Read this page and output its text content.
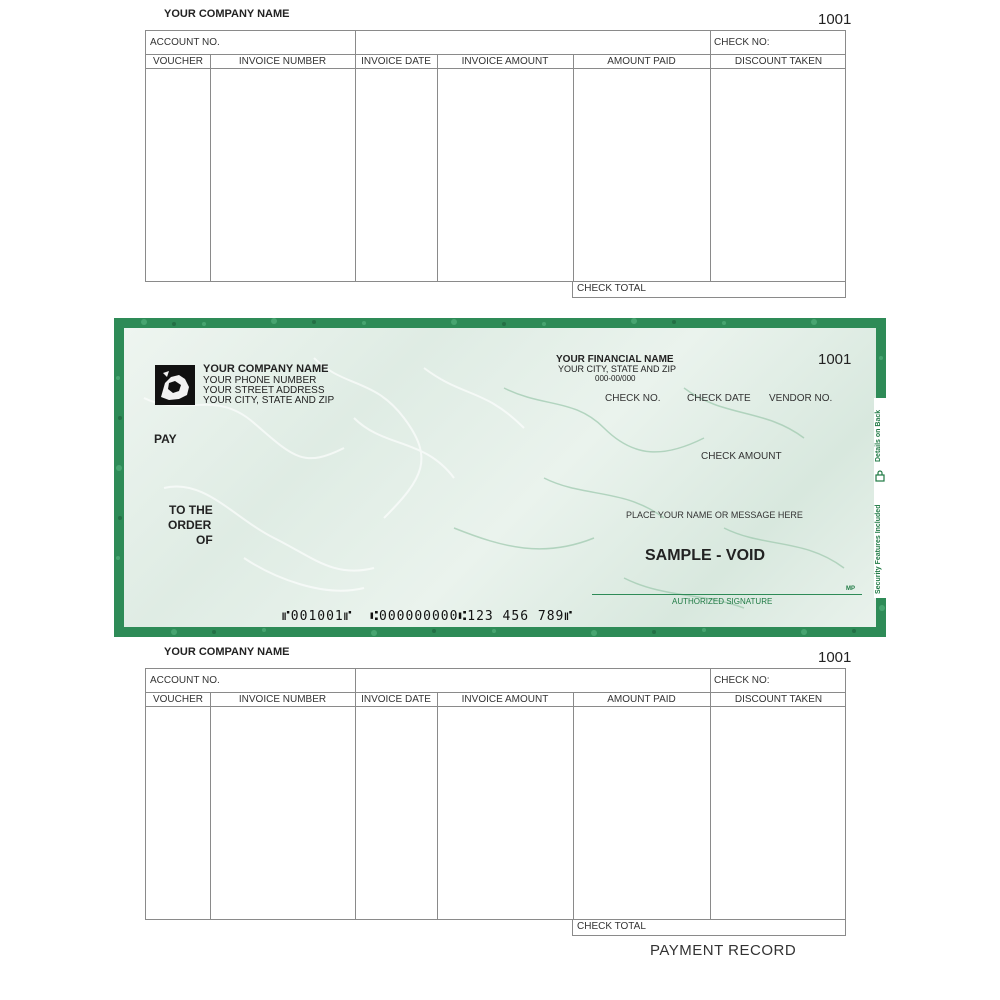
YOUR COMPANY NAME	1001
ACCOUNT NO.	CHECK NO:
VOUCHER	INVOICE NUMBER	INVOICE DATE	INVOICE AMOUNT	AMOUNT PAID	DISCOUNT TAKEN
CHECK TOTAL
YOUR COMPANY NAME
YOUR PHONE NUMBER
YOUR STREET ADDRESS
YOUR CITY, STATE AND ZIP
YOUR FINANCIAL NAME
YOUR CITY, STATE AND ZIP
000-00/000
1001
CHECK NO.	CHECK DATE VENDOR NO.
PAY
CHECK AMOUNT
TO THE
ORDER
OF
PLACE YOUR NAME OR MESSAGE HERE
SAMPLE - VOID
MP
AUTHORIZED SIGNATURE
⑈001001⑈  ⑆000000000⑆123 456 789⑈
Details on Back
Security Features Included
YOUR COMPANY NAME	1001
ACCOUNT NO.	CHECK NO:
VOUCHER	INVOICE NUMBER	INVOICE DATE	INVOICE AMOUNT	AMOUNT PAID	DISCOUNT TAKEN
CHECK TOTAL
PAYMENT RECORD
